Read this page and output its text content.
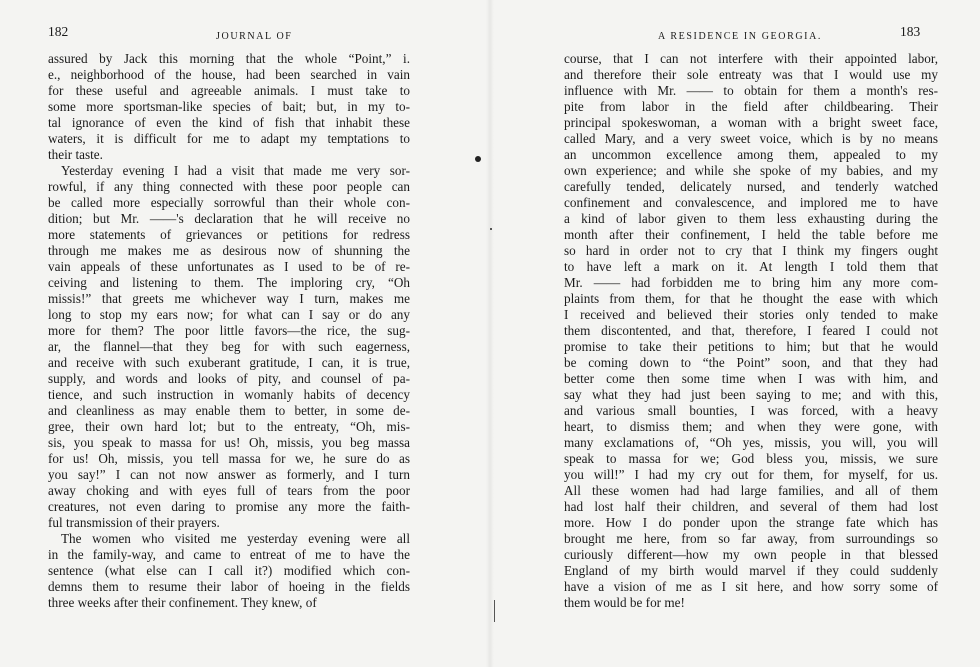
182	JOURNAL OF
assured by Jack this morning that the whole “Point,” i.
e., neighborhood of the house, had been searched in vain
for these useful and agreeable animals. I must take to
some more sportsman-like species of bait; but, in my to-
tal ignorance of even the kind of fish that inhabit these
waters, it is difficult for me to adapt my temptations to
their taste.
Yesterday evening I had a visit that made me very sor-
rowful, if any thing connected with these poor people can
be called more especially sorrowful than their whole con-
dition; but Mr. ——'s declaration that he will receive no
more statements of grievances or petitions for redress
through me makes me as desirous now of shunning the
vain appeals of these unfortunates as I used to be of re-
ceiving and listening to them. The imploring cry, “Oh
missis!” that greets me whichever way I turn, makes me
long to stop my ears now; for what can I say or do any
more for them? The poor little favors—the rice, the sug-
ar, the flannel—that they beg for with such eagerness,
and receive with such exuberant gratitude, I can, it is true,
supply, and words and looks of pity, and counsel of pa-
tience, and such instruction in womanly habits of decency
and cleanliness as may enable them to better, in some de-
gree, their own hard lot; but to the entreaty, “Oh, mis-
sis, you speak to massa for us! Oh, missis, you beg massa
for us! Oh, missis, you tell massa for we, he sure do as
you say!” I can not now answer as formerly, and I turn
away choking and with eyes full of tears from the poor
creatures, not even daring to promise any more the faith-
ful transmission of their prayers.
The women who visited me yesterday evening were all
in the family-way, and came to entreat of me to have the
sentence (what else can I call it?) modified which con-
demns them to resume their labor of hoeing in the fields
three weeks after their confinement. They knew, of
A RESIDENCE IN GEORGIA.	183
course, that I can not interfere with their appointed labor,
and therefore their sole entreaty was that I would use my
influence with Mr. —— to obtain for them a month's res-
pite from labor in the field after childbearing. Their
principal spokeswoman, a woman with a bright sweet face,
called Mary, and a very sweet voice, which is by no means
an uncommon excellence among them, appealed to my
own experience; and while she spoke of my babies, and my
carefully tended, delicately nursed, and tenderly watched
confinement and convalescence, and implored me to have
a kind of labor given to them less exhausting during the
month after their confinement, I held the table before me
so hard in order not to cry that I think my fingers ought
to have left a mark on it. At length I told them that
Mr. —— had forbidden me to bring him any more com-
plaints from them, for that he thought the ease with which
I received and believed their stories only tended to make
them discontented, and that, therefore, I feared I could not
promise to take their petitions to him; but that he would
be coming down to “the Point” soon, and that they had
better come then some time when I was with him, and
say what they had just been saying to me; and with this,
and various small bounties, I was forced, with a heavy
heart, to dismiss them; and when they were gone, with
many exclamations of, “Oh yes, missis, you will, you will
speak to massa for we; God bless you, missis, we sure
you will!” I had my cry out for them, for myself, for us.
All these women had had large families, and all of them
had lost half their children, and several of them had lost
more. How I do ponder upon the strange fate which has
brought me here, from so far away, from surroundings so
curiously different—how my own people in that blessed
England of my birth would marvel if they could suddenly
have a vision of me as I sit here, and how sorry some of
them would be for me!
